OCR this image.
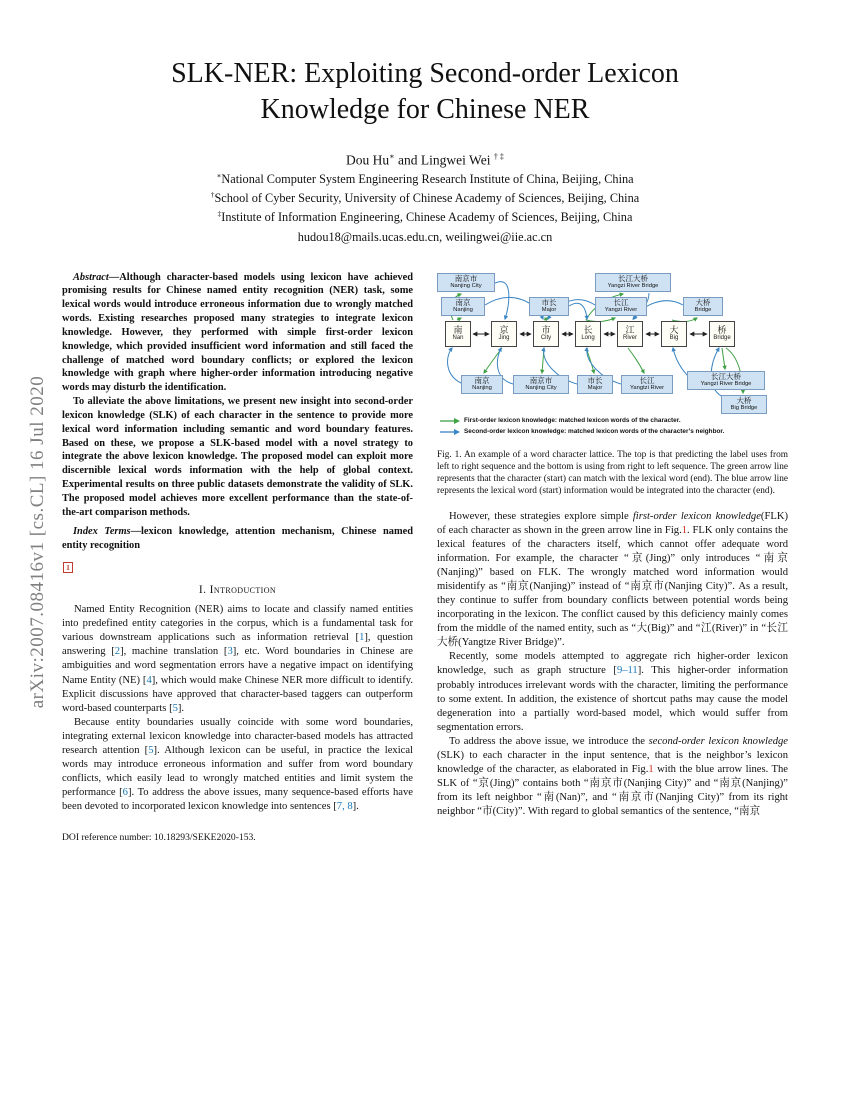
arXiv:2007.08416v1 [cs.CL] 16 Jul 2020
SLK-NER: Exploiting Second-order Lexicon Knowledge for Chinese NER
Dou Hu∗ and Lingwei Wei † ‡
∗National Computer System Engineering Research Institute of China, Beijing, China
†School of Cyber Security, University of Chinese Academy of Sciences, Beijing, China
‡Institute of Information Engineering, Chinese Academy of Sciences, Beijing, China
hudou18@mails.ucas.edu.cn, weilingwei@iie.ac.cn

Abstract—Although character-based models using lexicon have achieved promising results for Chinese named entity recognition (NER) task, some lexical words would introduce erroneous information due to wrongly matched words. Existing researches proposed many strategies to integrate lexicon knowledge. However, they performed with simple first-order lexicon knowledge, which provided insufficient word information and still faced the challenge of matched word boundary conflicts; or explored the lexicon knowledge with graph where higher-order information introducing negative words may disturb the identification.

To alleviate the above limitations, we present new insight into second-order lexicon knowledge (SLK) of each character in the sentence to provide more lexical word information including semantic and word boundary features. Based on these, we propose a SLK-based model with a novel strategy to integrate the above lexicon knowledge. The proposed model can exploit more discernible lexical words information with the help of global context. Experimental results on three public datasets demonstrate the validity of SLK. The proposed model achieves more excellent performance than the state-of-the-art comparison methods.

Index Terms—lexicon knowledge, attention mechanism, Chinese named entity recognition

1
I. Introduction

Named Entity Recognition (NER) aims to locate and classify named entities into predefined entity categories in the corpus, which is a fundamental task for various downstream applications such as information retrieval [1], question answering [2], machine translation [3], etc. Word boundaries in Chinese are ambiguities and word segmentation errors have a negative impact on identifying Name Entity (NE) [4], which would make Chinese NER more difficult to identify. Explicit discussions have approved that character-based taggers can outperform word-based counterparts [5].

Because entity boundaries usually coincide with some word boundaries, integrating external lexicon knowledge into character-based models has attracted research attention [5]. Although lexicon can be useful, in practice the lexical words may introduce erroneous information and suffer from word boundary conflicts, which easily lead to wrongly matched entities and limit system the performance [6]. To address the above issues, many sequence-based efforts have been devoted to incorporated lexicon knowledge into sentences [7, 8].

DOI reference number: 10.18293/SEKE2020-153.
南京市
Nanjing City
长江大桥
Yangzi River Bridge
南京
Nanjing
市长
Major
长江
Yangzi River
大桥
Bridge
南
Nan
京
Jing
市
City
长
Long
江
River
大
Big
桥
Bridge
南京
Nanjing
南京市
Nanjing City
市长
Major
长江
Yangtzi River
长江大桥
Yangzi River Bridge
大桥
Big Bridge
First-order lexicon knowledge: matched lexicon words of the character.
Second-order lexicon knowledge: matched lexicon words of the character’s neighbor.
Fig. 1. An example of a word character lattice. The top is that predicting the label uses from left to right sequence and the bottom is using from right to left sequence. The green arrow line represents that the character (start) can match with the lexical word (end). The blue arrow line represents the lexical word (start) information would be integrated into the character (end).

However, these strategies explore simple first-order lexicon knowledge(FLK) of each character as shown in the green arrow line in Fig.1. FLK only contains the lexical features of the characters itself, which cannot offer adequate word information. For example, the character “京(Jing)” only introduces “南京(Nanjing)” based on FLK. The wrongly matched word information would misidentify as “南京(Nanjing)” instead of “南京市(Nanjing City)”. As a result, they continue to suffer from boundary conflicts between potential words being incorporating in the lexicon. The conflict caused by this deficiency mainly comes from the middle of the named entity, such as “大(Big)” and “江(River)” in “长江大桥(Yangtze River Bridge)”.

Recently, some models attempted to aggregate rich higher-order lexicon knowledge, such as graph structure [9–11]. This higher-order information probably introduces irrelevant words with the character, limiting the performance to some extent. In addition, the existence of shortcut paths may cause the model degeneration into a partially word-based model, which would suffer from segmentation errors.

To address the above issue, we introduce the second-order lexicon knowledge (SLK) to each character in the input sentence, that is the neighbor’s lexicon knowledge of the character, as elaborated in Fig.1 with the blue arrow lines. The SLK of “京(Jing)” contains both “南京市(Nanjing City)” and “南京(Nanjing)” from its left neighbor “南(Nan)”, and “南京市(Nanjing City)” from its right neighbor “市(City)”. With regard to global semantics of the sentence, “南京
